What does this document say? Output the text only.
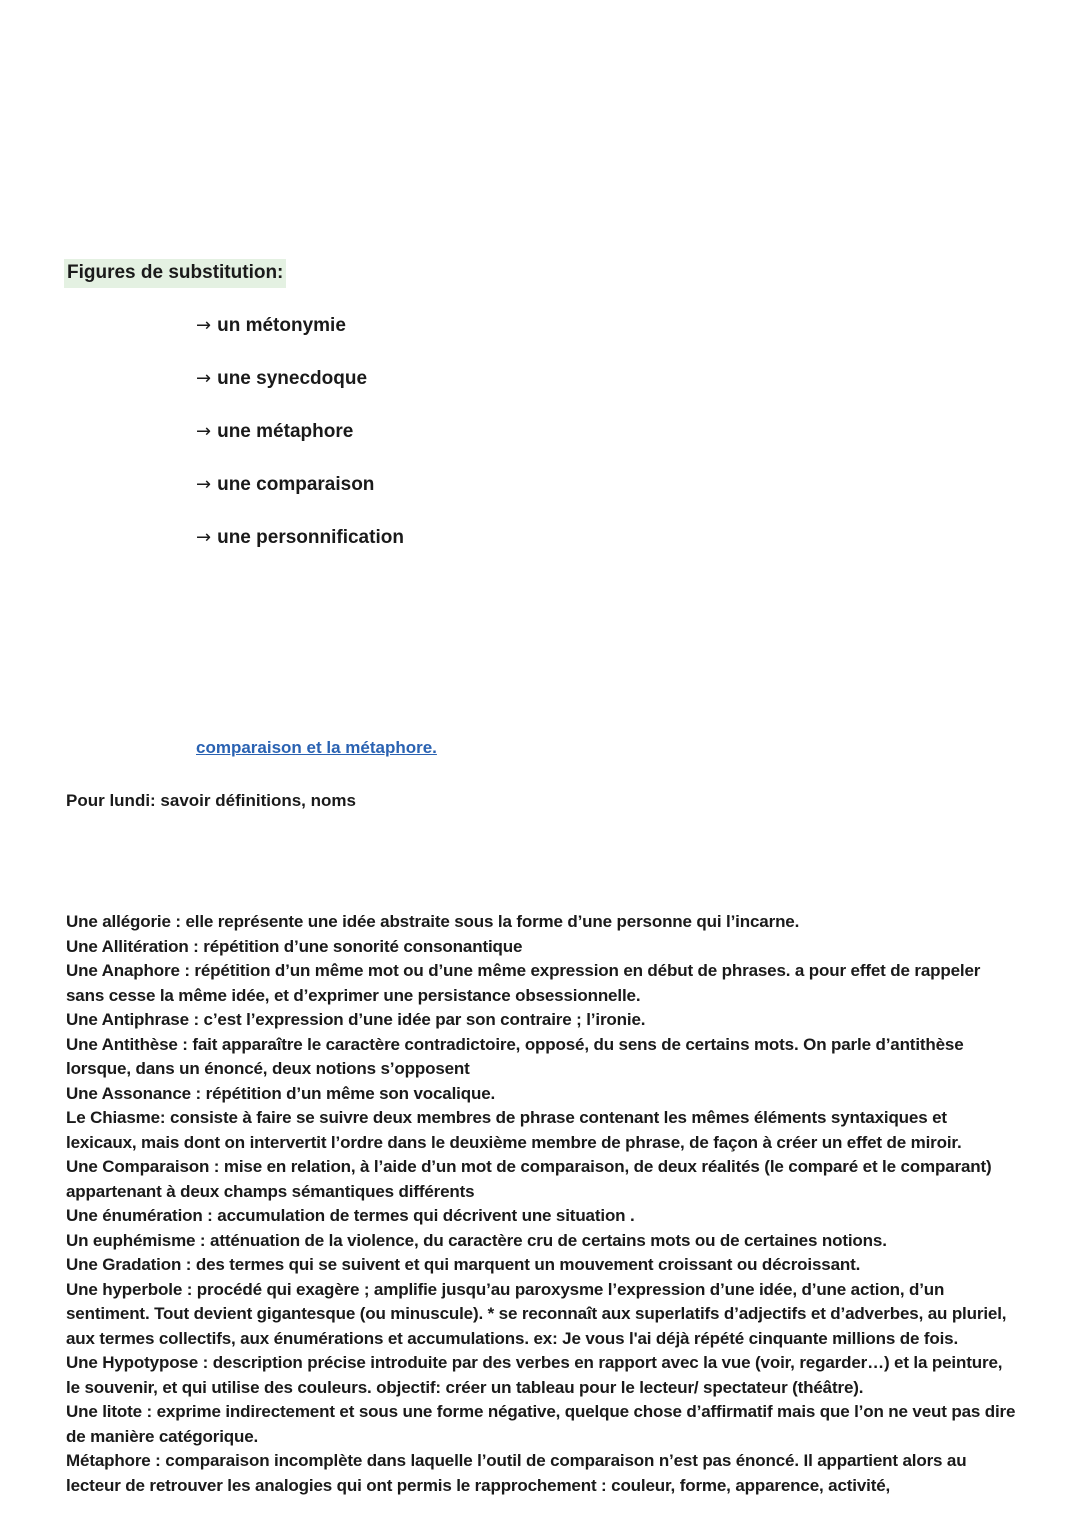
Figures de substitution:
→ un métonymie
→ une synecdoque
→ une métaphore
→ une comparaison
→ une personnification
comparaison et la métaphore.
Pour lundi: savoir définitions, noms

Une allégorie : elle représente une idée abstraite sous la forme d’une personne qui l’incarne.

Une Allitération : répétition d’une sonorité consonantique

Une Anaphore : répétition d’un même mot ou d’une même expression en début de phrases. a pour effet de rappeler sans cesse la même idée, et d’exprimer une persistance obsessionnelle.

Une Antiphrase : c’est l’expression d’une idée par son contraire ; l’ironie.

Une Antithèse : fait apparaître le caractère contradictoire, opposé, du sens de certains mots. On parle d’antithèse lorsque, dans un énoncé, deux notions s’opposent

Une Assonance : répétition d’un même son vocalique.

Le Chiasme: consiste à faire se suivre deux membres de phrase contenant les mêmes éléments syntaxiques et lexicaux, mais dont on intervertit l’ordre dans le deuxième membre de phrase, de façon à créer un effet de miroir.

Une Comparaison : mise en relation, à l’aide d’un mot de comparaison, de deux réalités (le comparé et le comparant) appartenant à deux champs sémantiques différents

Une énumération : accumulation de termes qui décrivent une situation .

Un euphémisme : atténuation de la violence, du caractère cru de certains mots ou de certaines notions.

Une Gradation : des termes qui se suivent et qui marquent un mouvement croissant ou décroissant.

Une hyperbole : procédé qui exagère ; amplifie jusqu’au paroxysme l’expression d’une idée, d’une action, d’un sentiment. Tout devient gigantesque (ou minuscule). * se reconnaît aux superlatifs d’adjectifs et d’adverbes, au pluriel, aux termes collectifs, aux énumérations et accumulations. ex: Je vous l'ai déjà répété cinquante millions de fois.

Une Hypotypose : description précise introduite par des verbes en rapport avec la vue (voir, regarder…) et la peinture, le souvenir, et qui utilise des couleurs. objectif: créer un tableau pour le lecteur/ spectateur (théâtre).

Une litote : exprime indirectement et sous une forme négative, quelque chose d’affirmatif mais que l’on ne veut pas dire de manière catégorique.

Métaphore : comparaison incomplète dans laquelle l’outil de comparaison n’est pas énoncé. Il appartient alors au lecteur de retrouver les analogies qui ont permis le rapprochement : couleur, forme, apparence, activité,
